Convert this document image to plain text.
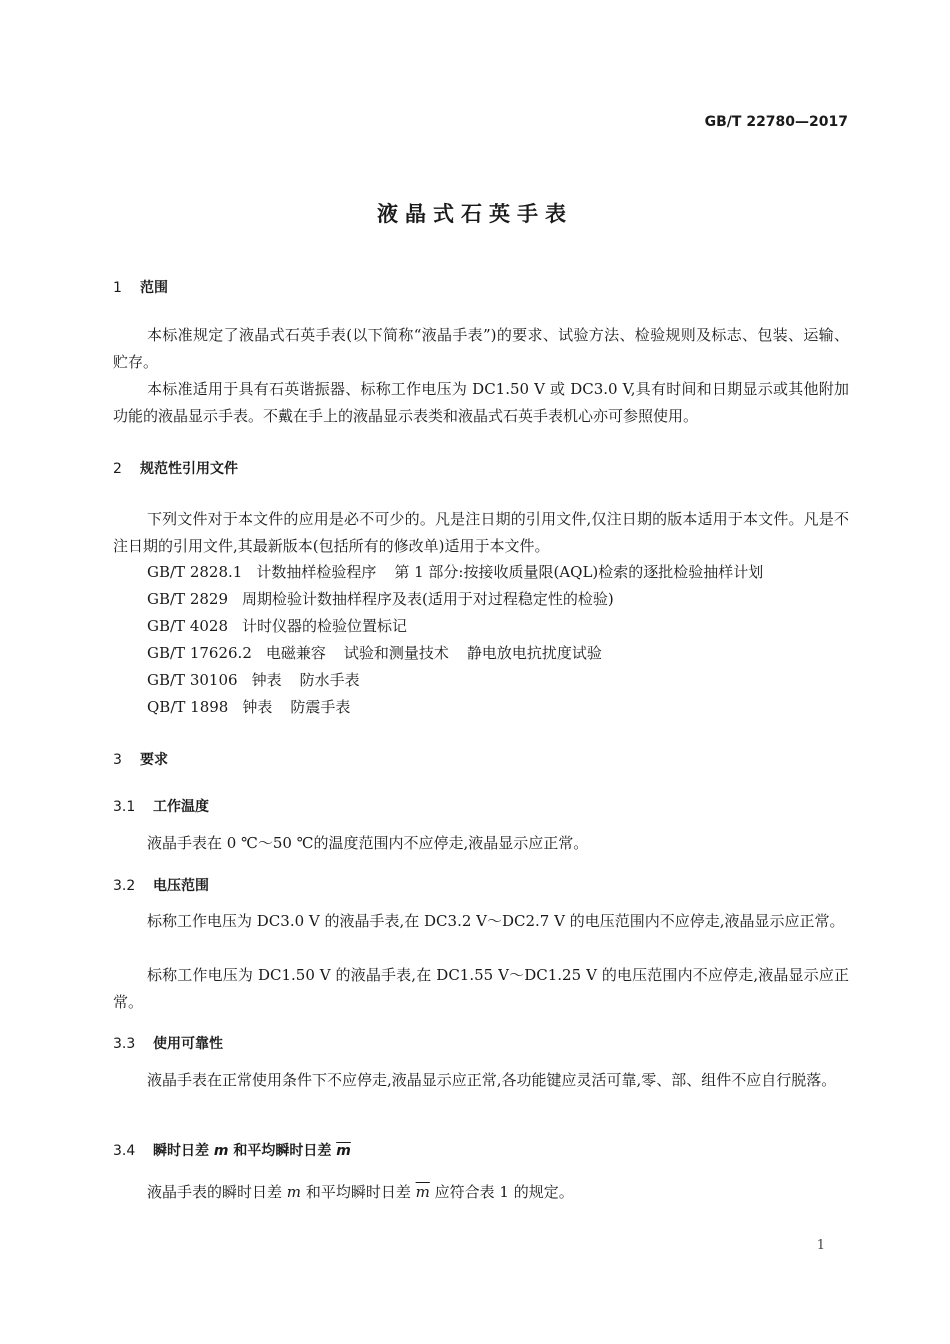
GB/T 22780—2017
液晶式石英手表
1 范围
本标准规定了液晶式石英手表(以下简称“液晶手表”)的要求、试验方法、检验规则及标志、包装、运输、贮存。
本标准适用于具有石英谐振器、标称工作电压为 DC1.50 V 或 DC3.0 V,具有时间和日期显示或其他附加功能的液晶显示手表。不戴在手上的液晶显示表类和液晶式石英手表机心亦可参照使用。
2 规范性引用文件
下列文件对于本文件的应用是必不可少的。凡是注日期的引用文件,仅注日期的版本适用于本文件。凡是不注日期的引用文件,其最新版本(包括所有的修改单)适用于本文件。
GB/T 2828.1 计数抽样检验程序 第 1 部分:按接收质量限(AQL)检索的逐批检验抽样计划
GB/T 2829 周期检验计数抽样程序及表(适用于对过程稳定性的检验)
GB/T 4028 计时仪器的检验位置标记
GB/T 17626.2 电磁兼容 试验和测量技术 静电放电抗扰度试验
GB/T 30106 钟表 防水手表
QB/T 1898 钟表 防震手表
3 要求
3.1 工作温度
液晶手表在 0 ℃～50 ℃的温度范围内不应停走,液晶显示应正常。
3.2 电压范围
标称工作电压为 DC3.0 V 的液晶手表,在 DC3.2 V～DC2.7 V 的电压范围内不应停走,液晶显示应正常。
标称工作电压为 DC1.50 V 的液晶手表,在 DC1.55 V～DC1.25 V 的电压范围内不应停走,液晶显示应正常。
3.3 使用可靠性
液晶手表在正常使用条件下不应停走,液晶显示应正常,各功能键应灵活可靠,零、部、组件不应自行脱落。
3.4 瞬时日差 m 和平均瞬时日差 $\overline{m}$
液晶手表的瞬时日差 m 和平均瞬时日差 $\overline{m}$ 应符合表 1 的规定。
1
